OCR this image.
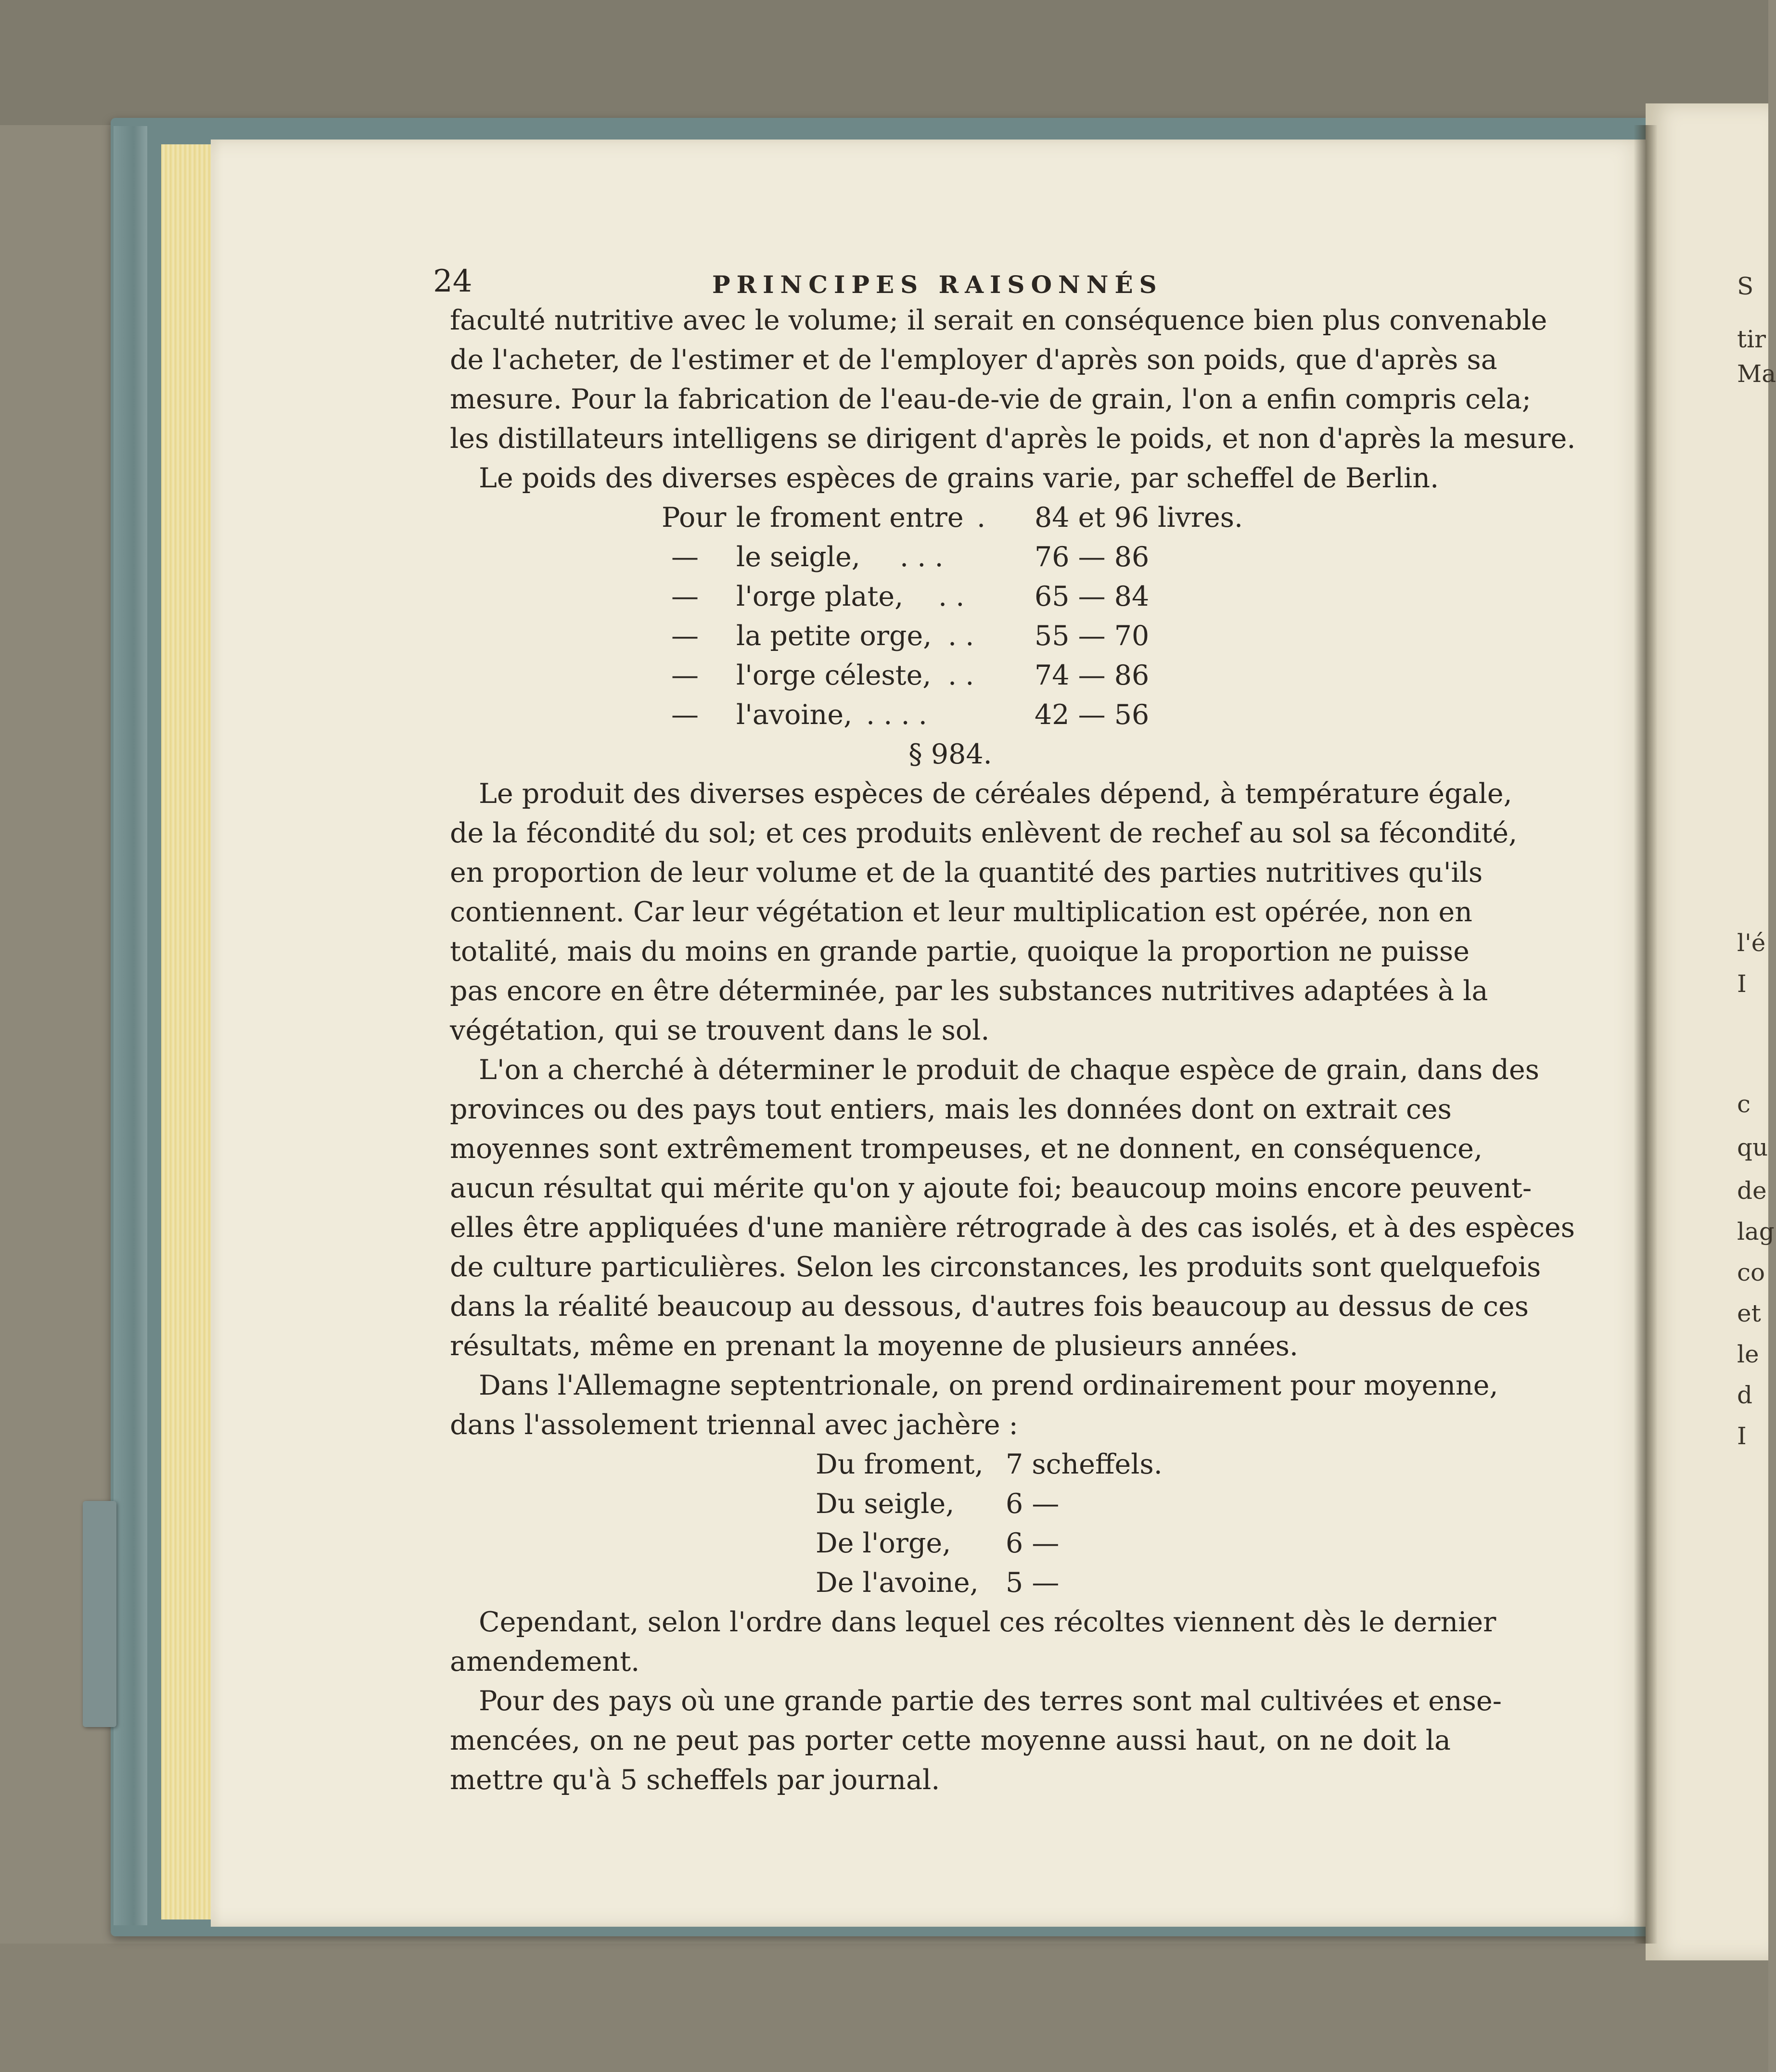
S
tir
Ma
l'é
I
c
qu
de
lag
co
et
le
d
I
24	PRINCIPES RAISONNÉS
faculté nutritive avec le volume; il serait en conséquence bien plus convenable
de l'acheter, de l'estimer et de l'employer d'après son poids, que d'après sa
mesure. Pour la fabrication de l'eau-de-vie de grain, l'on a enfin compris cela;
les distillateurs intelligens se dirigent d'après le poids, et non d'après la mesure.
Le poids des diverses espèces de grains varie, par scheffel de Berlin.
Pour le froment entre . 84 et 96 livres.
— le seigle, . . .	76 — 86
— l'orge plate, . .	65 — 84
— la petite orge, . . 55 — 70
— l'orge céleste, . . 74 — 86
— l'avoine, . . . .	42 — 56
§ 984.
Le produit des diverses espèces de céréales dépend, à température égale,
de la fécondité du sol; et ces produits enlèvent de rechef au sol sa fécondité,
en proportion de leur volume et de la quantité des parties nutritives qu'ils
contiennent. Car leur végétation et leur multiplication est opérée, non en
totalité, mais du moins en grande partie, quoique la proportion ne puisse
pas encore en être déterminée, par les substances nutritives adaptées à la
végétation, qui se trouvent dans le sol.
L'on a cherché à déterminer le produit de chaque espèce de grain, dans des
provinces ou des pays tout entiers, mais les données dont on extrait ces
moyennes sont extrêmement trompeuses, et ne donnent, en conséquence,
aucun résultat qui mérite qu'on y ajoute foi; beaucoup moins encore peuvent-
elles être appliquées d'une manière rétrograde à des cas isolés, et à des espèces
de culture particulières. Selon les circonstances, les produits sont quelquefois
dans la réalité beaucoup au dessous, d'autres fois beaucoup au dessus de ces
résultats, même en prenant la moyenne de plusieurs années.
Dans l'Allemagne septentrionale, on prend ordinairement pour moyenne,
dans l'assolement triennal avec jachère :
Du froment, 7 scheffels.
Du seigle, 6 —
De l'orge, 6 —
De l'avoine, 5 —
Cependant, selon l'ordre dans lequel ces récoltes viennent dès le dernier
amendement.
Pour des pays où une grande partie des terres sont mal cultivées et ense-
mencées, on ne peut pas porter cette moyenne aussi haut, on ne doit la
mettre qu'à 5 scheffels par journal.
